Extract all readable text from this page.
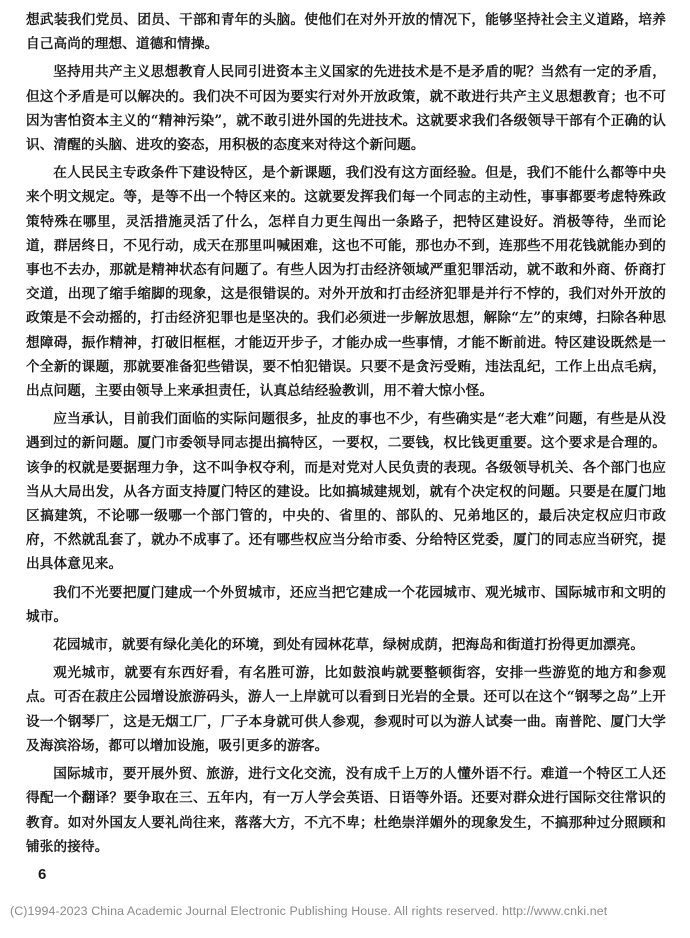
想武装我们党员、团员、干部和青年的头脑。使他们在对外开放的情况下，能够坚持社会主义道路，培养自己高尚的理想、道德和情操。

坚持用共产主义思想教育人民同引进资本主义国家的先进技术是不是矛盾的呢？当然有一定的矛盾，但这个矛盾是可以解决的。我们决不可因为要实行对外开放政策，就不敢进行共产主义思想教育；也不可因为害怕资本主义的“精神污染”，就不敢引进外国的先进技术。这就要求我们各级领导干部有个正确的认识、清醒的头脑、进攻的姿态，用积极的态度来对待这个新问题。

在人民民主专政条件下建设特区，是个新课题，我们没有这方面经验。但是，我们不能什么都等中央来个明文规定。等，是等不出一个特区来的。这就要发挥我们每一个同志的主动性，事事都要考虑特殊政策特殊在哪里，灵活措施灵活了什么，怎样自力更生闯出一条路子，把特区建设好。消极等待，坐而论道，群居终日，不见行动，成天在那里叫喊困难，这也不可能，那也办不到，连那些不用花钱就能办到的事也不去办，那就是精神状态有问题了。有些人因为打击经济领域严重犯罪活动，就不敢和外商、侨商打交道，出现了缩手缩脚的现象，这是很错误的。对外开放和打击经济犯罪是并行不悖的，我们对外开放的政策是不会动摇的，打击经济犯罪也是坚决的。我们必须进一步解放思想，解除“左”的束缚，扫除各种思想障碍，振作精神，打破旧框框，才能迈开步子，才能办成一些事情，才能不断前进。特区建设既然是一个全新的课题，那就要准备犯些错误，要不怕犯错误。只要不是贪污受贿，违法乱纪，工作上出点毛病，出点问题，主要由领导上来承担责任，认真总结经验教训，用不着大惊小怪。

应当承认，目前我们面临的实际问题很多，扯皮的事也不少，有些确实是“老大难”问题，有些是从没遇到过的新问题。厦门市委领导同志提出搞特区，一要权，二要钱，权比钱更重要。这个要求是合理的。该争的权就是要据理力争，这不叫争权夺利，而是对党对人民负责的表现。各级领导机关、各个部门也应当从大局出发，从各方面支持厦门特区的建设。比如搞城建规划，就有个决定权的问题。只要是在厦门地区搞建筑，不论哪一级哪一个部门管的，中央的、省里的、部队的、兄弟地区的，最后决定权应归市政府，不然就乱套了，就办不成事了。还有哪些权应当分给市委、分给特区党委，厦门的同志应当研究，提出具体意见来。

我们不光要把厦门建成一个外贸城市，还应当把它建成一个花园城市、观光城市、国际城市和文明的城市。

花园城市，就要有绿化美化的环境，到处有园林花草，绿树成荫，把海岛和街道打扮得更加漂亮。

观光城市，就要有东西好看，有名胜可游，比如鼓浪屿就要整顿街容，安排一些游览的地方和参观点。可否在菽庄公园增设旅游码头，游人一上岸就可以看到日光岩的全景。还可以在这个“钢琴之岛”上开设一个钢琴厂，这是无烟工厂，厂子本身就可供人参观，参观时可以为游人试奏一曲。南普陀、厦门大学及海滨浴场，都可以增加设施，吸引更多的游客。

国际城市，要开展外贸、旅游，进行文化交流，没有成千上万的人懂外语不行。难道一个特区工人还得配一个翻译？要争取在三、五年内，有一万人学会英语、日语等外语。还要对群众进行国际交往常识的教育。如对外国友人要礼尚往来，落落大方，不亢不卑；杜绝崇洋媚外的现象发生，不搞那种过分照顾和铺张的接待。

6
(C)1994-2023 China Academic Journal Electronic Publishing House. All rights reserved. http://www.cnki.net
